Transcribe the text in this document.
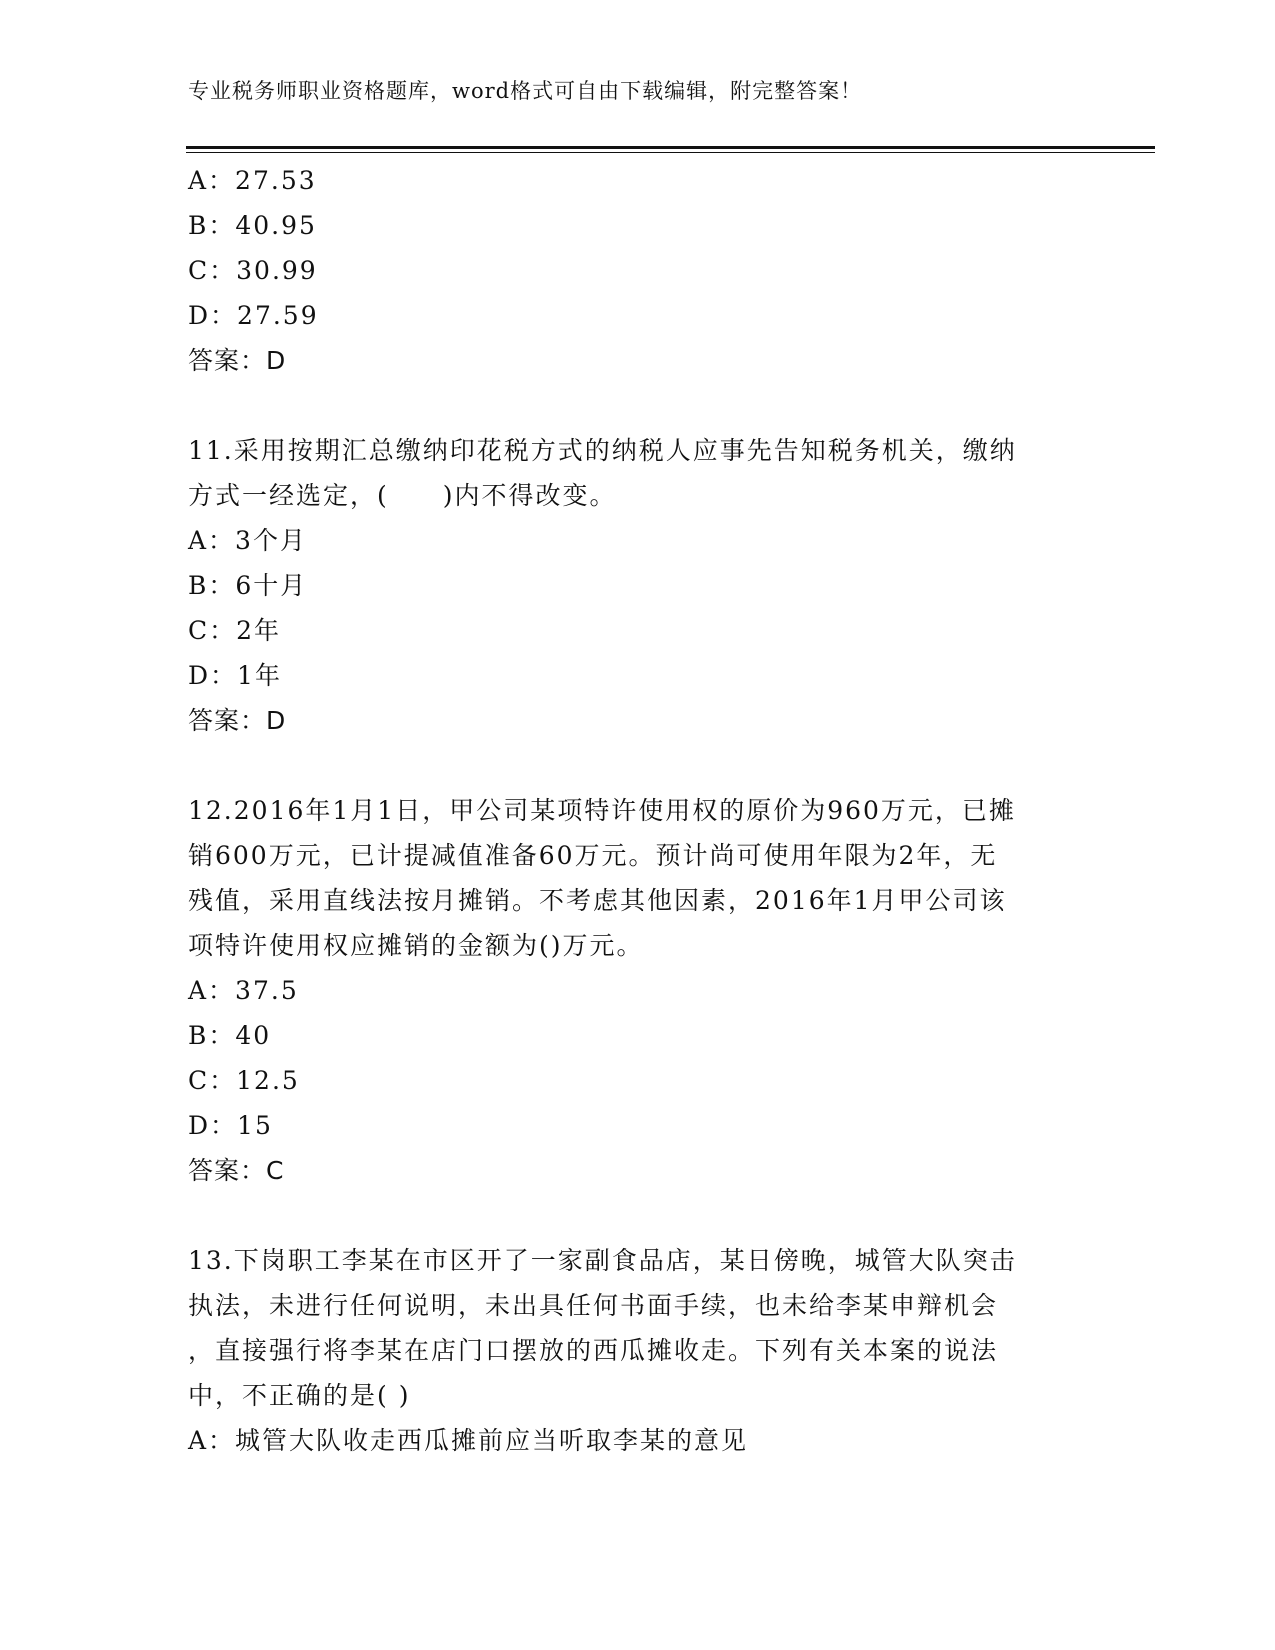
专业税务师职业资格题库，word格式可自由下载编辑，附完整答案！
A：27.53
B：40.95
C：30.99
D：27.59
答案：D
11.采用按期汇总缴纳印花税方式的纳税人应事先告知税务机关，缴纳
方式一经选定，(　　)内不得改变。
A：3个月
B：6十月
C：2年
D：1年
答案：D
12.2016年1月1日，甲公司某项特许使用权的原价为960万元，已摊
销600万元，已计提减值准备60万元。预计尚可使用年限为2年，无
残值，采用直线法按月摊销。不考虑其他因素，2016年1月甲公司该
项特许使用权应摊销的金额为()万元。
A：37.5
B：40
C：12.5
D：15
答案：C
13.下岗职工李某在市区开了一家副食品店，某日傍晚，城管大队突击
执法，未进行任何说明，未出具任何书面手续，也未给李某申辩机会
，直接强行将李某在店门口摆放的西瓜摊收走。下列有关本案的说法
中，不正确的是( )
A：城管大队收走西瓜摊前应当听取李某的意见
